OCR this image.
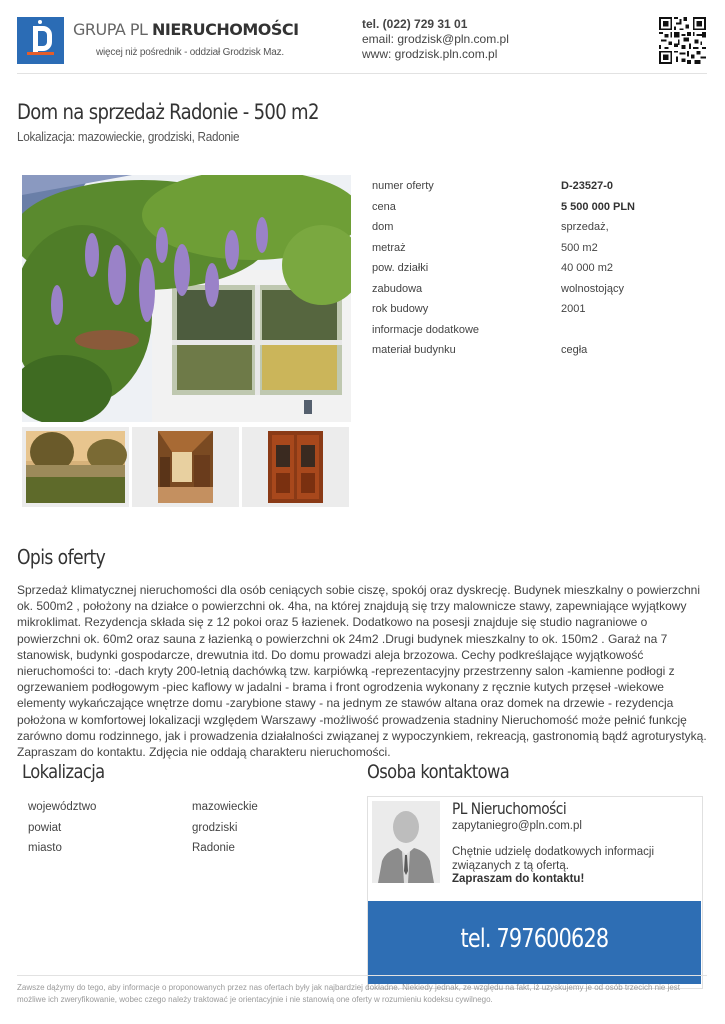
GRUPA PL NIERUCHOMOŚCI
więcej niż pośrednik - oddział Grodzisk Maz.
tel. (022) 729 31 01
email: grodzisk@pln.com.pl
www: grodzisk.pln.com.pl
Dom na sprzedaż Radonie - 500 m2
Lokalizacja: mazowieckie, grodziski, Radonie
numer oferty	D-23527-0
cena	5 500 000 PLN
dom	sprzedaż,
metraż	500 m2
pow. działki	40 000 m2
zabudowa	wolnostojący
rok budowy	2001
informacje dodatkowe
materiał budynku	cegła
Opis oferty
Sprzedaż klimatycznej nieruchomości dla osób ceniących sobie ciszę, spokój oraz dyskrecję. Budynek mieszkalny o powierzchni ok. 500m2 , położony na działce o powierzchni ok. 4ha, na której znajdują się trzy malownicze stawy, zapewniające wyjątkowy mikroklimat. Rezydencja składa się z 12 pokoi oraz 5 łazienek. Dodatkowo na posesji znajduje się studio nagraniowe o powierzchni ok. 60m2 oraz sauna z łazienką o powierzchni ok 24m2 .Drugi budynek mieszkalny to ok. 150m2 . Garaż na 7 stanowisk, budynki gospodarcze, drewutnia itd. Do domu prowadzi aleja brzozowa. Cechy podkreślające wyjątkowość nieruchomości to: -dach kryty 200-letnią dachówką tzw. karpiówką -reprezentacyjny przestrzenny salon -kamienne podłogi z ogrzewaniem podłogowym -piec kaflowy w jadalni - brama i front ogrodzenia wykonany z ręcznie kutych przęseł -wiekowe elementy wykańczające wnętrze domu -zarybione stawy - na jednym ze stawów altana oraz domek na drzewie - rezydencja położona w komfortowej lokalizacji względem Warszawy -możliwość prowadzenia stadniny Nieruchomość może pełnić funkcję zarówno domu rodzinnego, jak i prowadzenia działalności związanej z wypoczynkiem, rekreacją, gastronomią bądź agroturystyką. Zapraszam do kontaktu. Zdjęcia nie oddają charakteru nieruchomości.
Lokalizacja
województwo	mazowieckie
powiat	grodziski
miasto	Radonie
Osoba kontaktowa
PL Nieruchomości
zapytaniegro@pln.com.pl
Chętnie udzielę dodatkowych informacji związanych z tą ofertą.
Zapraszam do kontaktu!
tel. 797600628
Zawsze dążymy do tego, aby informacje o proponowanych przez nas ofertach były jak najbardziej dokładne. Niekiedy jednak, ze względu na fakt, iż uzyskujemy je od osób trzecich nie jest możliwe ich zweryfikowanie, wobec czego należy traktować je orientacyjnie i nie stanowią one oferty w rozumieniu kodeksu cywilnego.
